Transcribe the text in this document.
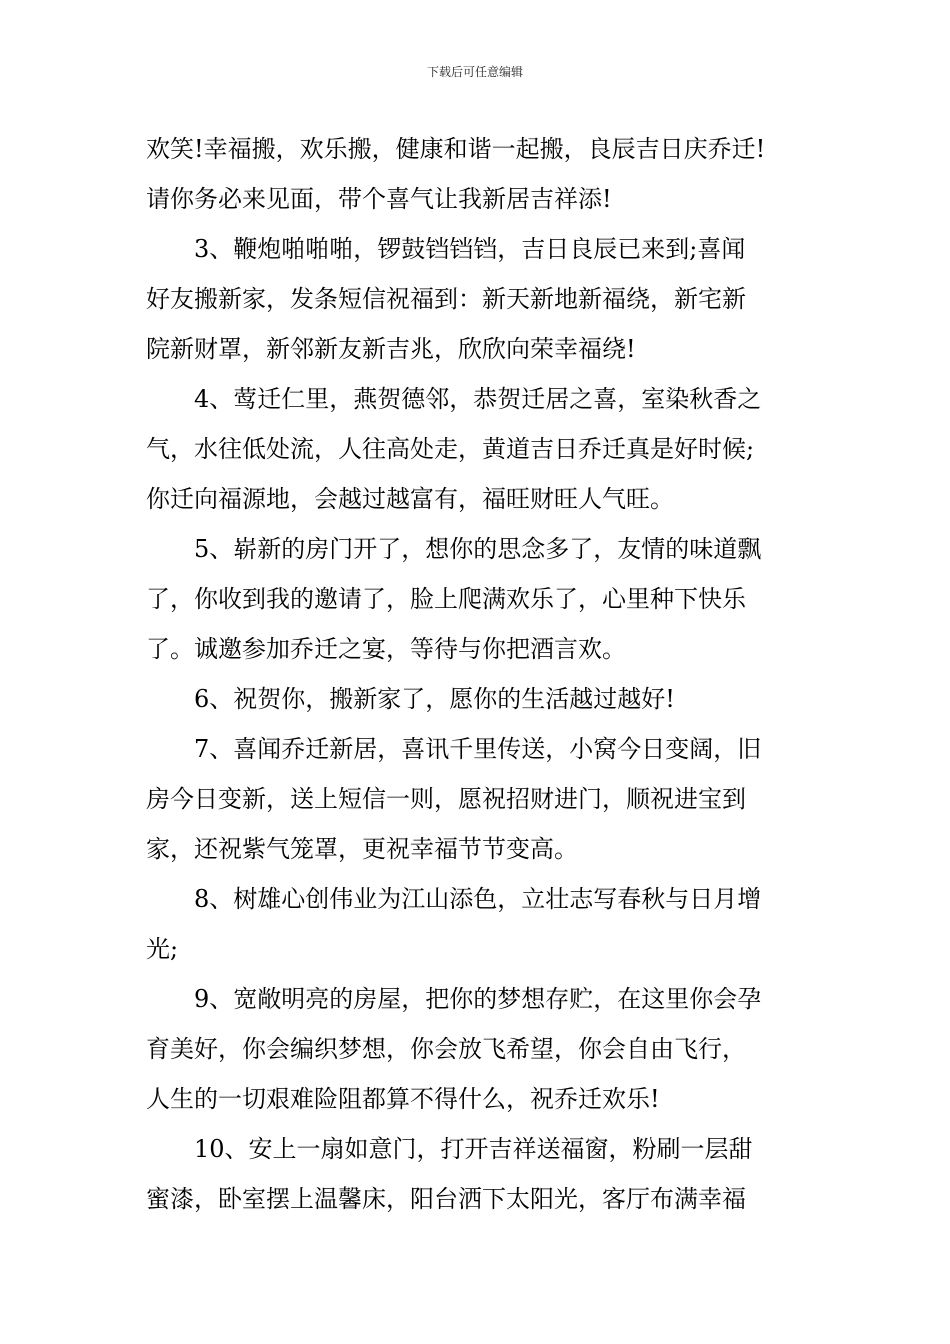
下载后可任意编辑
欢笑!幸福搬，欢乐搬，健康和谐一起搬，良辰吉日庆乔迁!
请你务必来见面，带个喜气让我新居吉祥添!
3、鞭炮啪啪啪，锣鼓铛铛铛，吉日良辰已来到;喜闻
好友搬新家，发条短信祝福到：新天新地新福绕，新宅新
院新财罩，新邻新友新吉兆，欣欣向荣幸福绕!
4、莺迁仁里，燕贺德邻，恭贺迁居之喜，室染秋香之
气，水往低处流，人往高处走，黄道吉日乔迁真是好时候;
你迁向福源地，会越过越富有，福旺财旺人气旺。
5、崭新的房门开了，想你的思念多了，友情的味道飘
了，你收到我的邀请了，脸上爬满欢乐了，心里种下快乐
了。诚邀参加乔迁之宴，等待与你把酒言欢。
6、祝贺你，搬新家了，愿你的生活越过越好!
7、喜闻乔迁新居，喜讯千里传送，小窝今日变阔，旧
房今日变新，送上短信一则，愿祝招财进门，顺祝进宝到
家，还祝紫气笼罩，更祝幸福节节变高。
8、树雄心创伟业为江山添色，立壮志写春秋与日月增
光;
9、宽敞明亮的房屋，把你的梦想存贮，在这里你会孕
育美好，你会编织梦想，你会放飞希望，你会自由飞行，
人生的一切艰难险阻都算不得什么，祝乔迁欢乐!
10、安上一扇如意门，打开吉祥送福窗，粉刷一层甜
蜜漆，卧室摆上温馨床，阳台洒下太阳光，客厅布满幸福
